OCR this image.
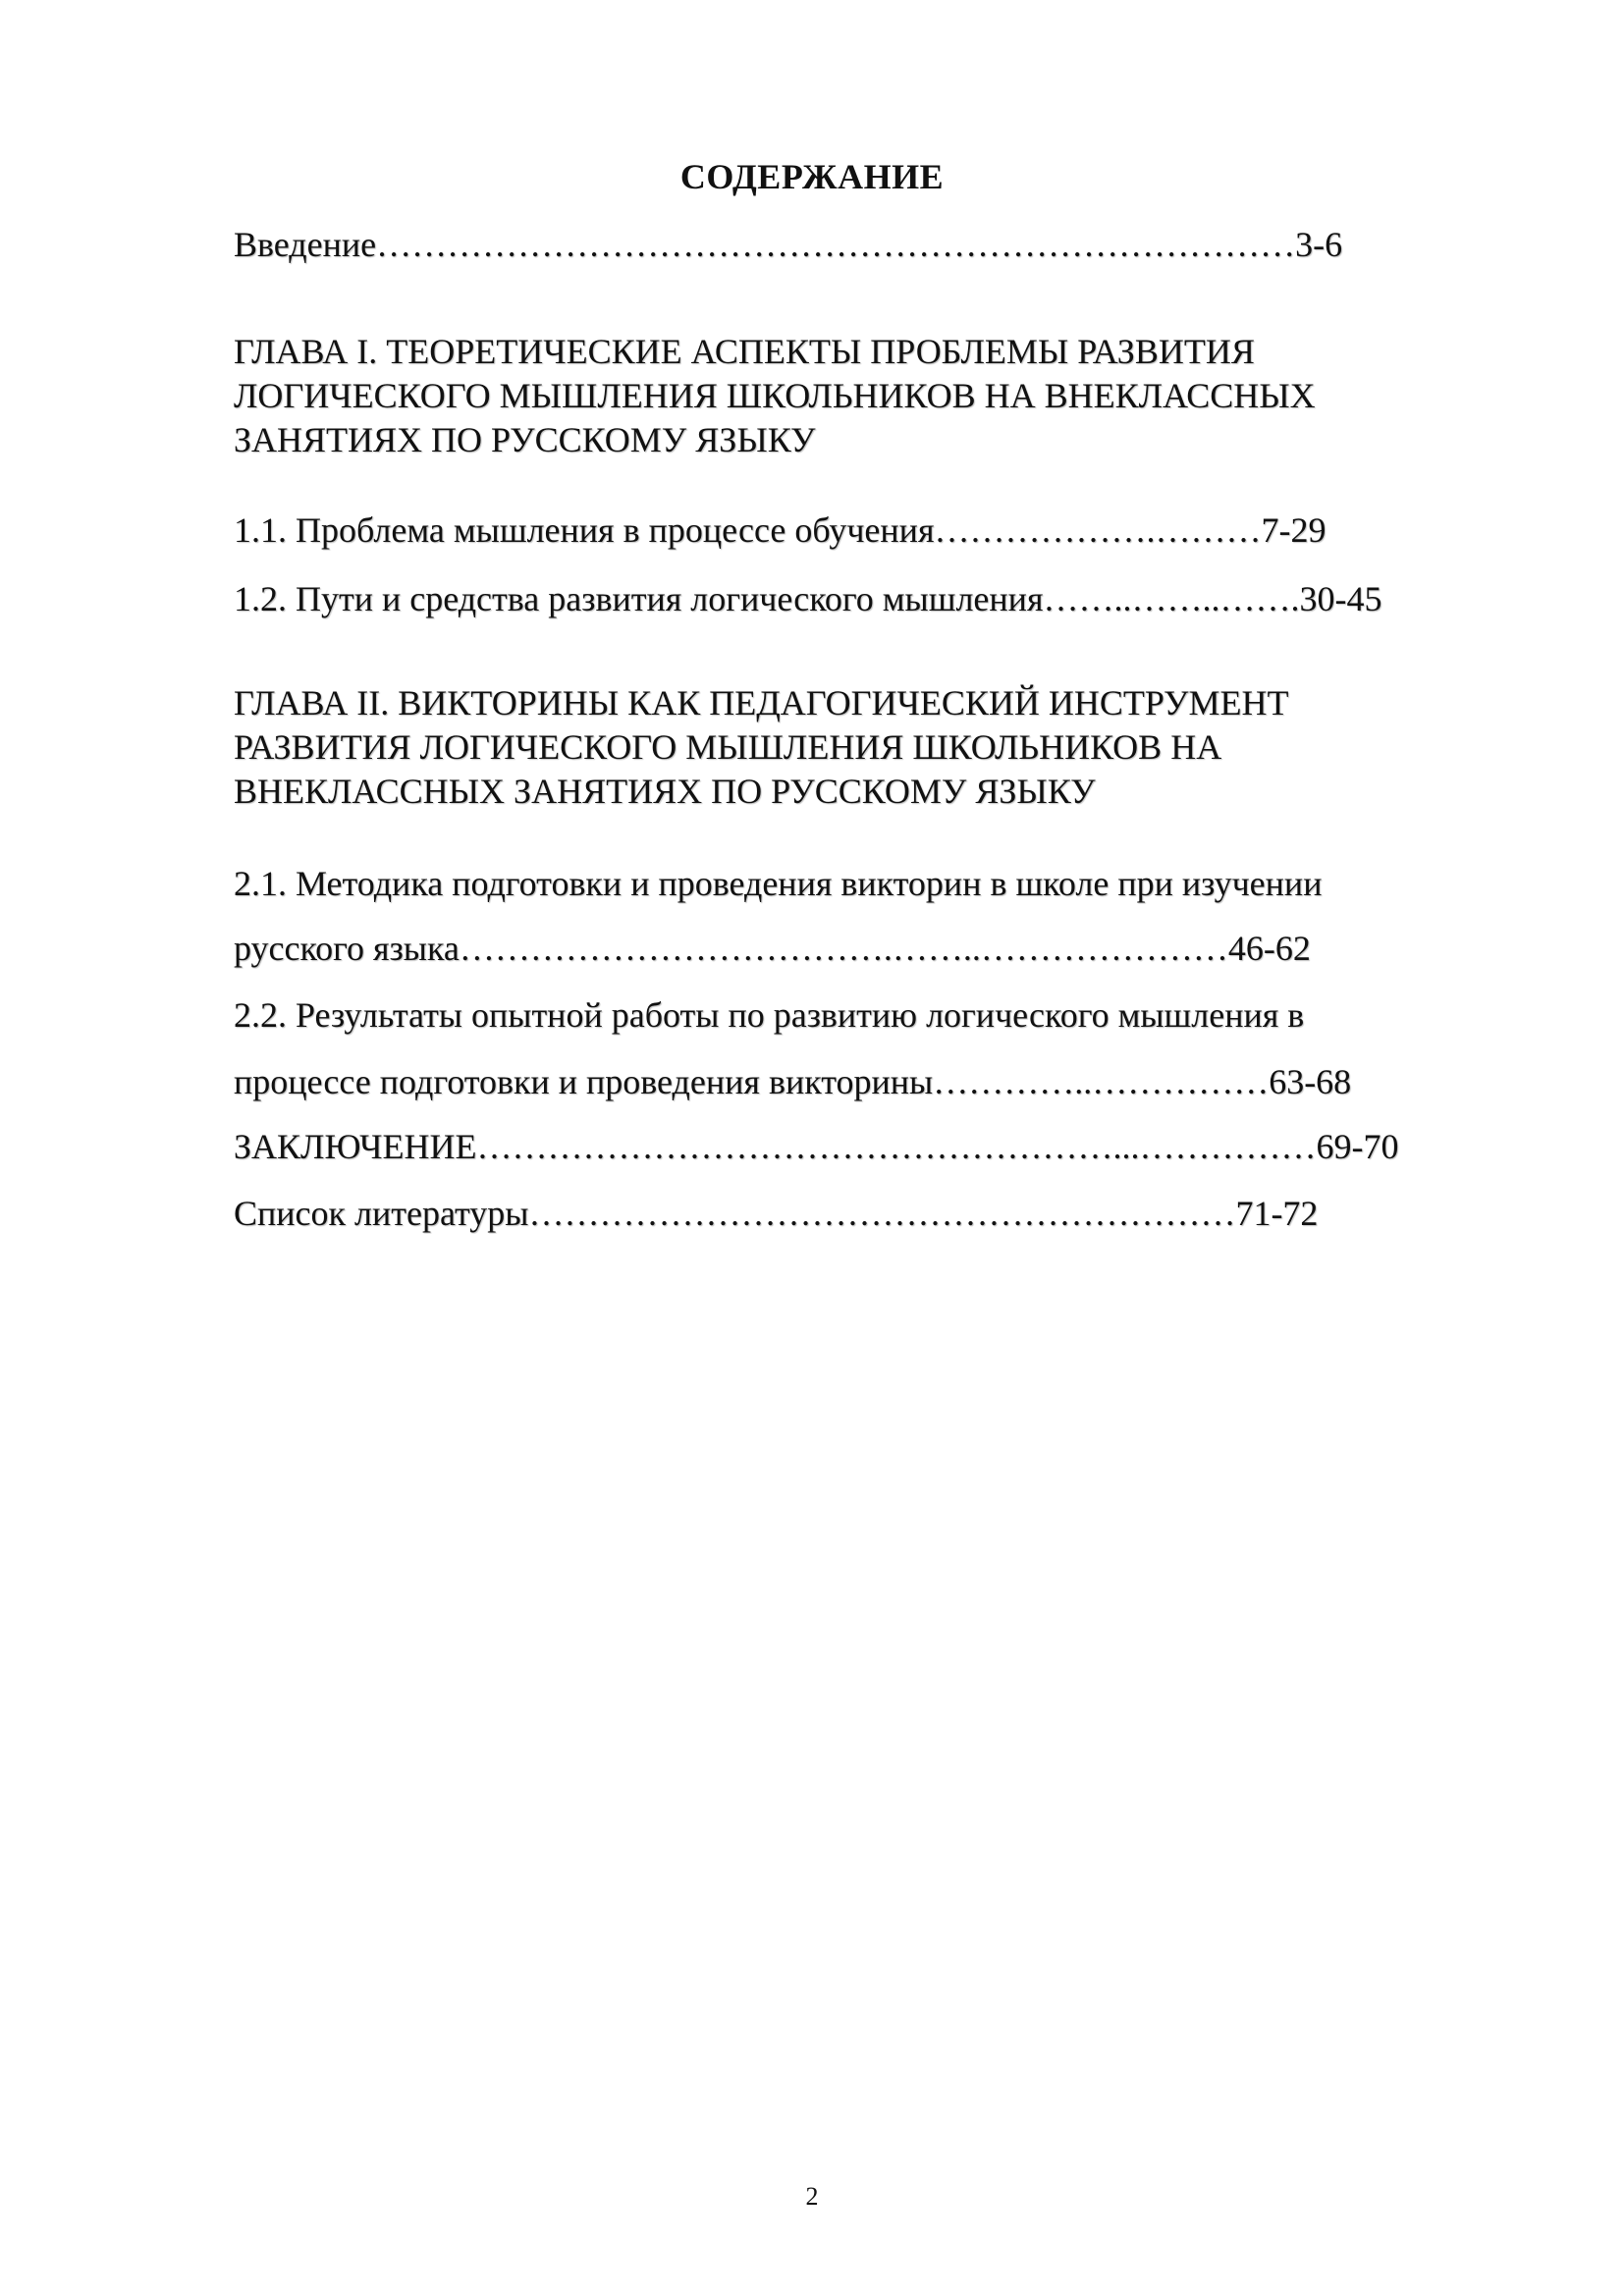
СОДЕРЖАНИЕ
Введение……………………………………………………………………3-6
ГЛАВА I. ТЕОРЕТИЧЕСКИЕ АСПЕКТЫ ПРОБЛЕМЫ РАЗВИТИЯ
ЛОГИЧЕСКОГО МЫШЛЕНИЯ ШКОЛЬНИКОВ НА ВНЕКЛАССНЫХ
ЗАНЯТИЯХ ПО РУССКОМУ ЯЗЫКУ
1.1. Проблема мышления в процессе обучения……………….………7-29
1.2. Пути и средства развития логического мышления……..……..…….30-45
ГЛАВА II. ВИКТОРИНЫ КАК ПЕДАГОГИЧЕСКИЙ ИНСТРУМЕНТ
РАЗВИТИЯ ЛОГИЧЕСКОГО МЫШЛЕНИЯ ШКОЛЬНИКОВ НА
ВНЕКЛАССНЫХ ЗАНЯТИЯХ ПО РУССКОМУ ЯЗЫКУ
2.1. Методика подготовки и проведения викторин в школе при изучении
русского языка……………………………….……..…………………46-62
2.2. Результаты опытной работы по развитию логического мышления в
процессе подготовки и проведения викторины…………..……………63-68
ЗАКЛЮЧЕНИЕ………………………………………………...……………69-70
Список литературы……………………………………………………71-72
2
